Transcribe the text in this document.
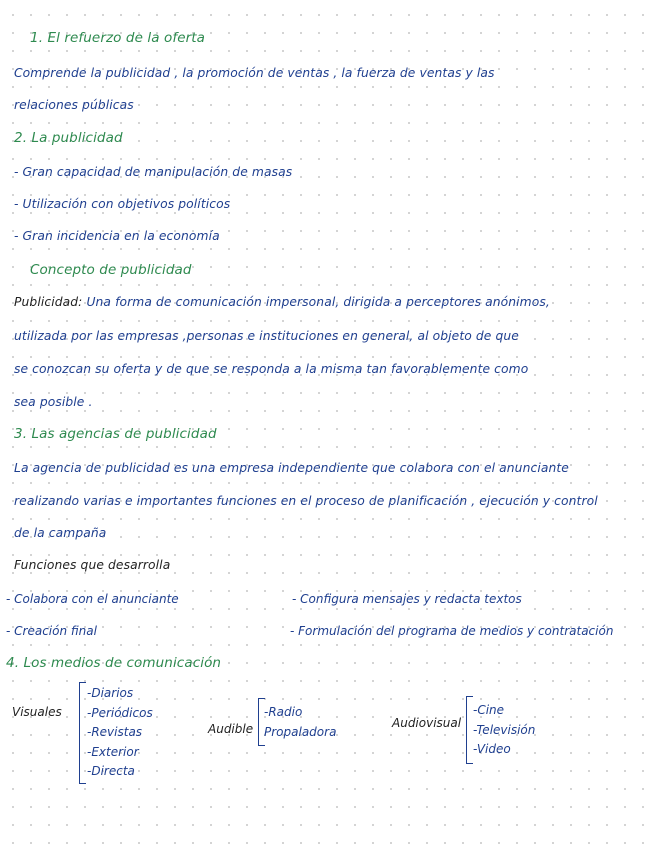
1. El refuerzo de la oferta
Comprende la publicidad , la promoción de ventas , la fuerza de ventas y las
relaciones públicas
2. La publicidad
- Gran capacidad de manipulación de masas
- Utilización con objetivos políticos
- Gran incidencia en la economía
Concepto de publicidad
Publicidad: Una forma de comunicación impersonal, dirigida a perceptores anónimos,
utilizada por las empresas ,personas e instituciones en general, al objeto de que
se conozcan su oferta y de que se responda a la misma tan favorablemente como
sea posible .
3. Las agencias de publicidad
La agencia de publicidad es una empresa independiente que colabora con el anunciante
realizando varias e importantes funciones en el proceso de planificación , ejecución y control
de la campaña
Funciones que desarrolla
- Colabora con el anunciante	- Configura mensajes y redacta textos
- Creación final	- Formulación del programa de medios y contratación
4. Los medios de comunicación
Visuales
-Diarios
-Periódicos
-Revistas
-Exterior
-Directa
Audible
-Radio
Propaladora
Audiovisual
-Cine
-Televisión
-Video
